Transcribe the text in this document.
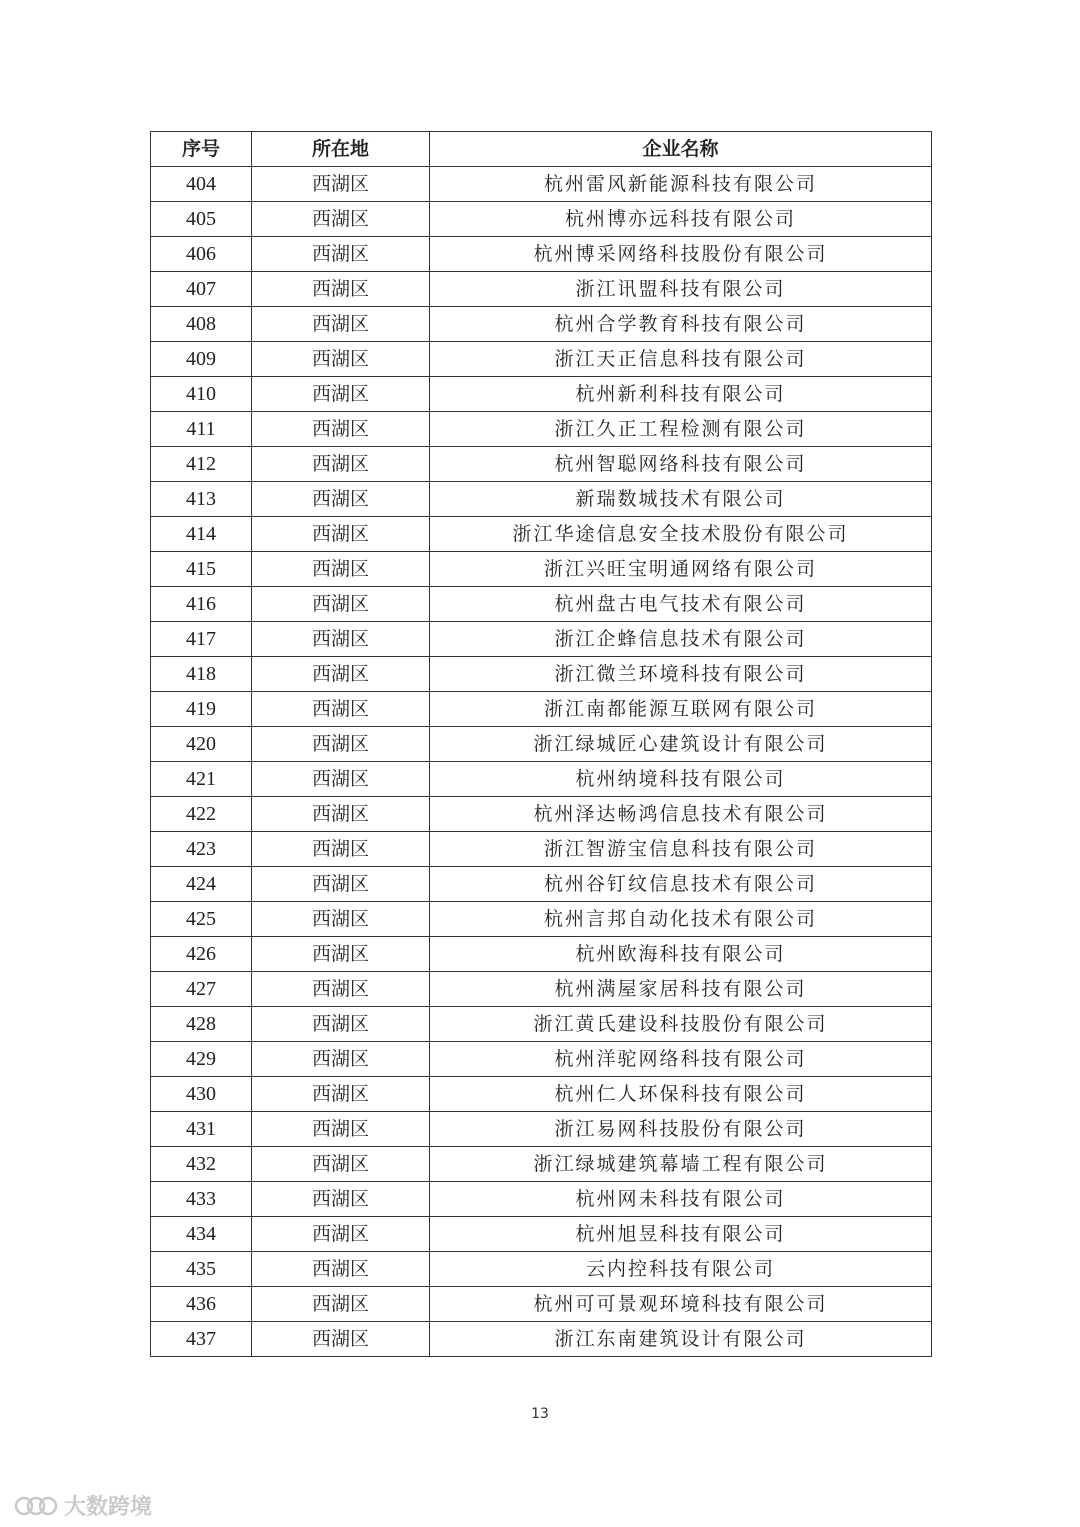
序号	所在地	企业名称
404	西湖区	杭州雷风新能源科技有限公司
405	西湖区	杭州博亦远科技有限公司
406	西湖区	杭州博采网络科技股份有限公司
407	西湖区	浙江讯盟科技有限公司
408	西湖区	杭州合学教育科技有限公司
409	西湖区	浙江天正信息科技有限公司
410	西湖区	杭州新利科技有限公司
411	西湖区	浙江久正工程检测有限公司
412	西湖区	杭州智聪网络科技有限公司
413	西湖区	新瑞数城技术有限公司
414	西湖区	浙江华途信息安全技术股份有限公司
415	西湖区	浙江兴旺宝明通网络有限公司
416	西湖区	杭州盘古电气技术有限公司
417	西湖区	浙江企蜂信息技术有限公司
418	西湖区	浙江微兰环境科技有限公司
419	西湖区	浙江南都能源互联网有限公司
420	西湖区	浙江绿城匠心建筑设计有限公司
421	西湖区	杭州纳境科技有限公司
422	西湖区	杭州泽达畅鸿信息技术有限公司
423	西湖区	浙江智游宝信息科技有限公司
424	西湖区	杭州谷钉纹信息技术有限公司
425	西湖区	杭州言邦自动化技术有限公司
426	西湖区	杭州欧海科技有限公司
427	西湖区	杭州满屋家居科技有限公司
428	西湖区	浙江黄氏建设科技股份有限公司
429	西湖区	杭州洋驼网络科技有限公司
430	西湖区	杭州仁人环保科技有限公司
431	西湖区	浙江易网科技股份有限公司
432	西湖区	浙江绿城建筑幕墙工程有限公司
433	西湖区	杭州网未科技有限公司
434	西湖区	杭州旭昱科技有限公司
435	西湖区	云内控科技有限公司
436	西湖区	杭州可可景观环境科技有限公司
437	西湖区	浙江东南建筑设计有限公司
13
大数跨境
